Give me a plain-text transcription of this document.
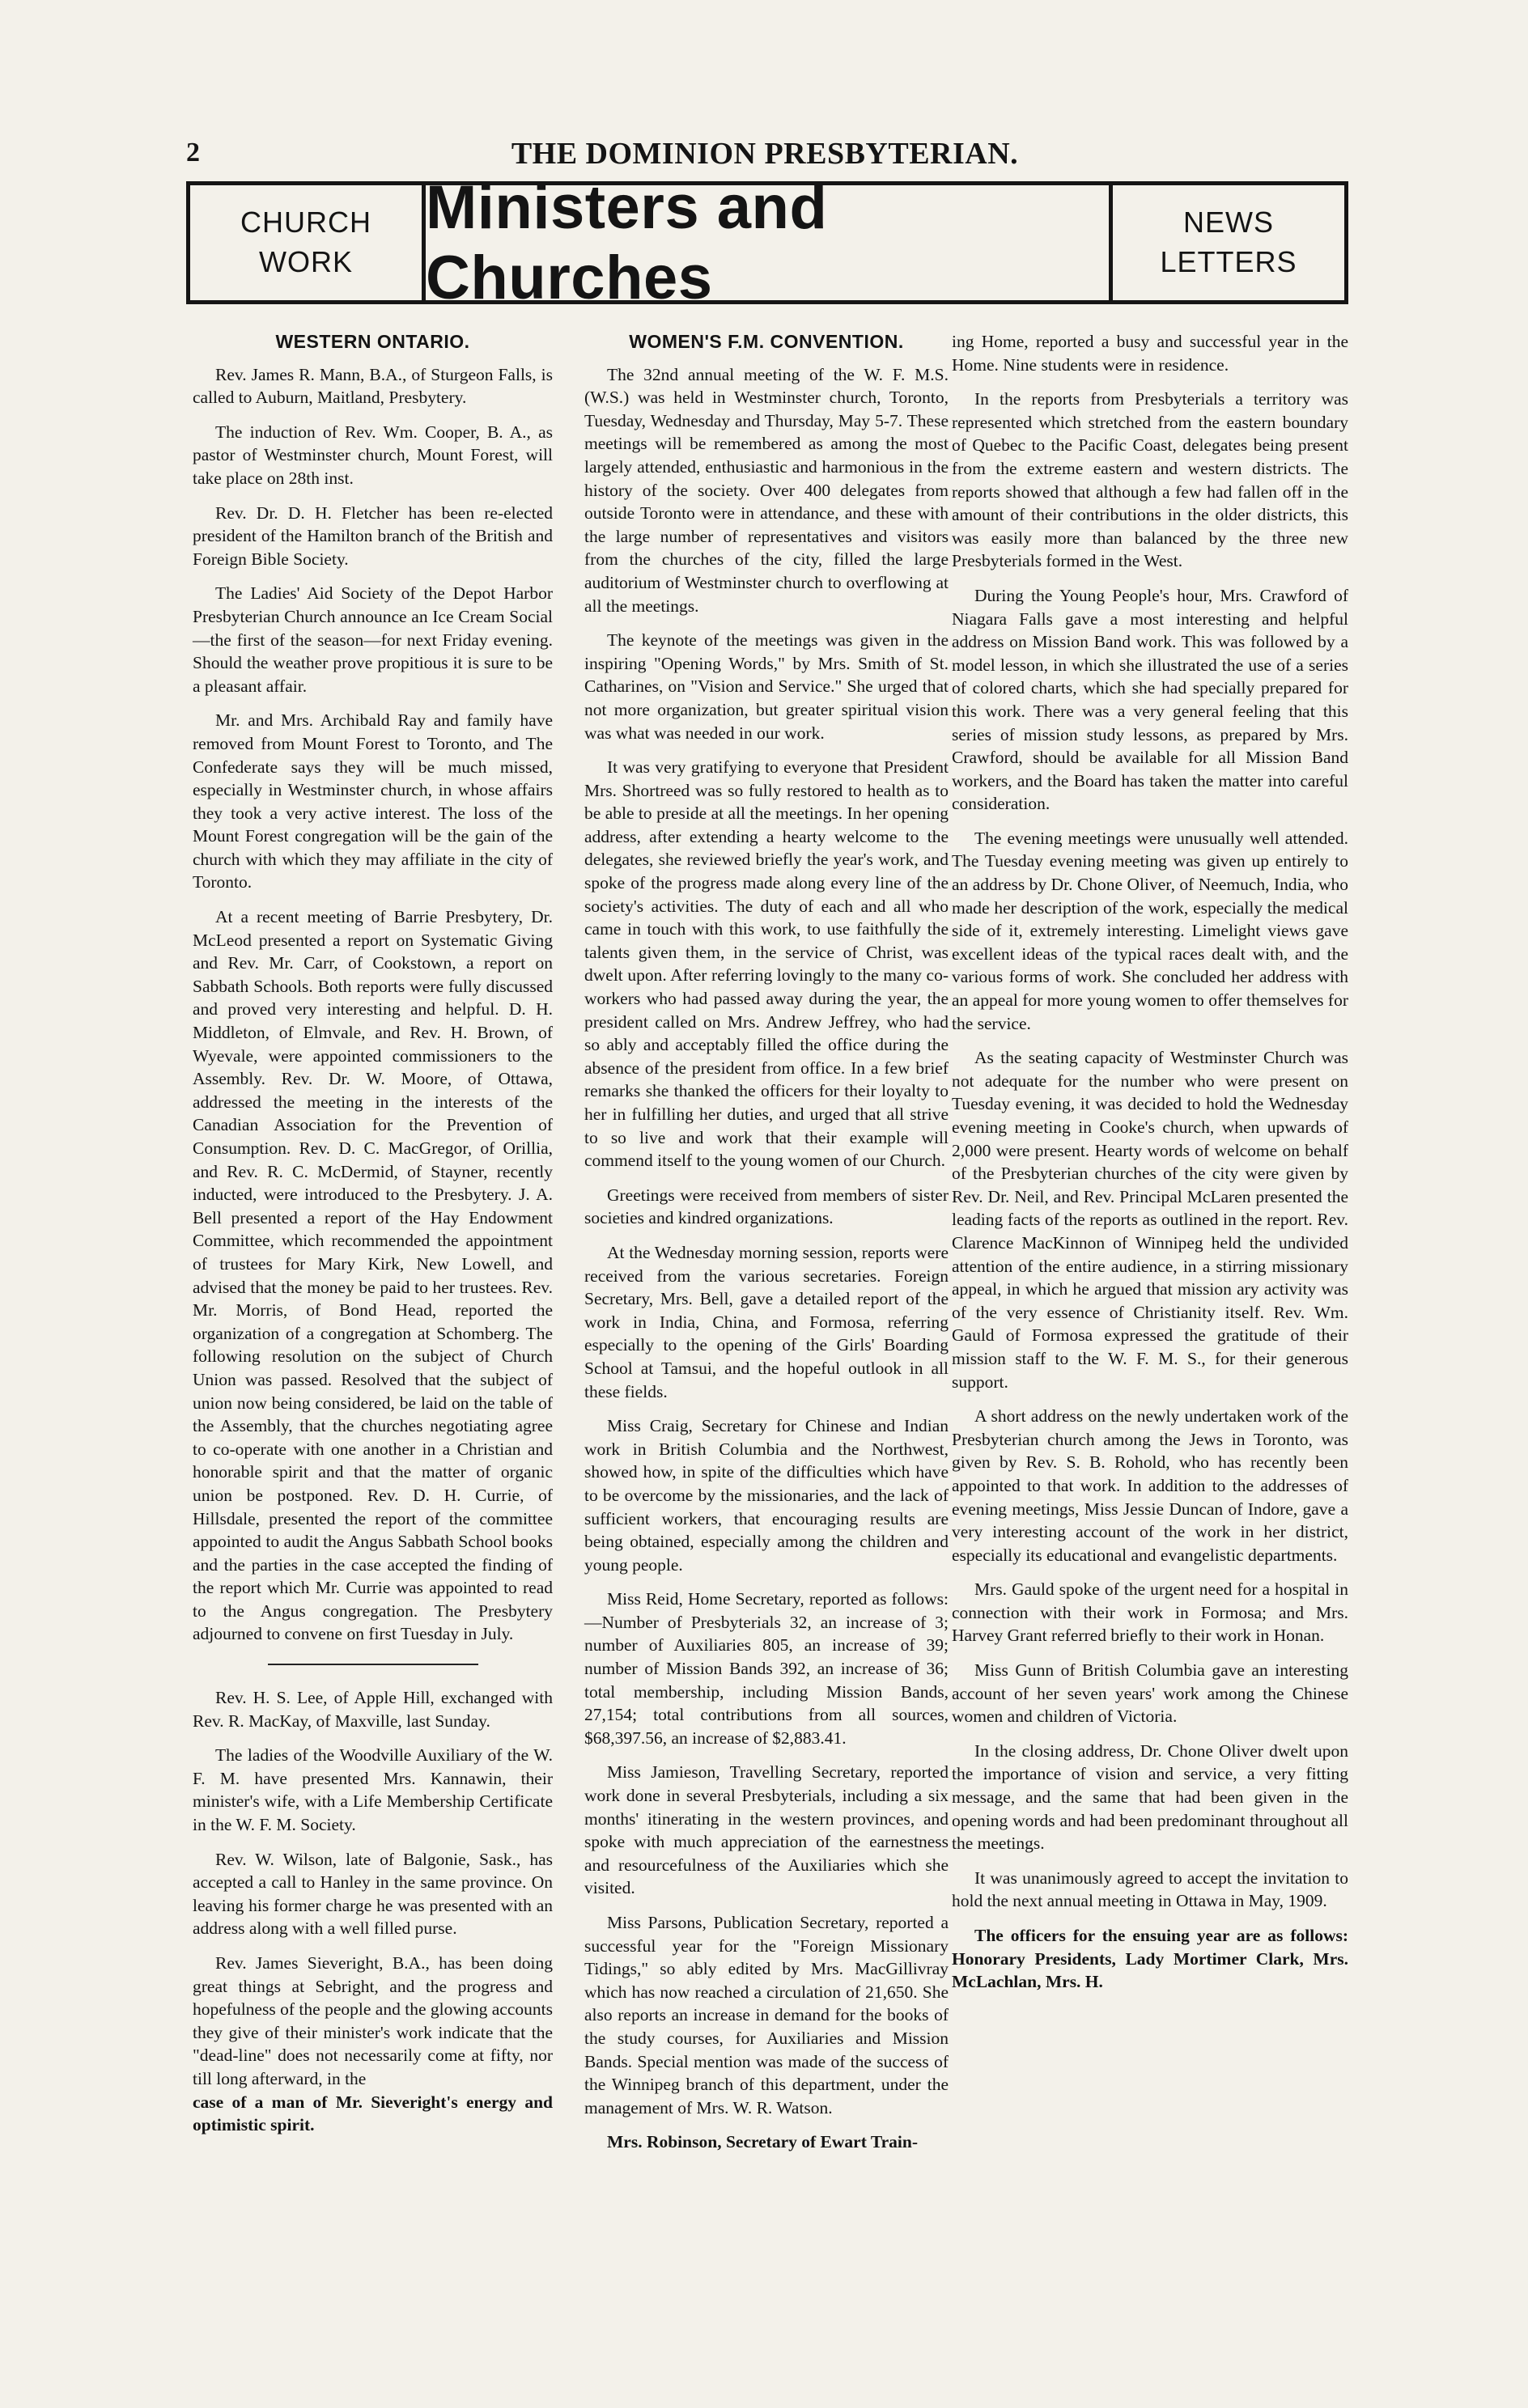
2	THE DOMINION PRESBYTERIAN.
CHURCH
WORK
Ministers and Churches
NEWS
LETTERS
WESTERN ONTARIO.

Rev. James R. Mann, B.A., of Sturgeon Falls, is called to Auburn, Maitland, Presbytery.

The induction of Rev. Wm. Cooper, B. A., as pastor of Westminster church, Mount Forest, will take place on 28th inst.

Rev. Dr. D. H. Fletcher has been re-elected president of the Hamilton branch of the British and Foreign Bible Society.

The Ladies' Aid Society of the Depot Harbor Presbyterian Church announce an Ice Cream Social—the first of the season—for next Friday evening. Should the weather prove propitious it is sure to be a pleasant affair.

Mr. and Mrs. Archibald Ray and family have removed from Mount Forest to Toronto, and The Confederate says they will be much missed, especially in Westminster church, in whose affairs they took a very active interest. The loss of the Mount Forest congregation will be the gain of the church with which they may affiliate in the city of Toronto.

At a recent meeting of Barrie Presbytery, Dr. McLeod presented a report on Systematic Giving and Rev. Mr. Carr, of Cookstown, a report on Sabbath Schools. Both reports were fully discussed and proved very interesting and helpful. D. H. Middleton, of Elmvale, and Rev. H. Brown, of Wyevale, were appointed commissioners to the Assembly. Rev. Dr. W. Moore, of Ottawa, addressed the meeting in the interests of the Canadian Association for the Prevention of Consumption. Rev. D. C. MacGregor, of Orillia, and Rev. R. C. McDermid, of Stayner, recently inducted, were introduced to the Presbytery. J. A. Bell presented a report of the Hay Endowment Committee, which recommended the appointment of trustees for Mary Kirk, New Lowell, and advised that the money be paid to her trustees. Rev. Mr. Morris, of Bond Head, reported the organization of a congregation at Schomberg. The following resolution on the subject of Church Union was passed. Resolved that the subject of union now being considered, be laid on the table of the Assembly, that the churches negotiating agree to co-operate with one another in a Christian and honorable spirit and that the matter of organic union be postponed. Rev. D. H. Currie, of Hillsdale, presented the report of the committee appointed to audit the Angus Sabbath School books and the parties in the case accepted the finding of the report which Mr. Currie was appointed to read to the Angus congregation. The Presbytery adjourned to convene on first Tuesday in July.

Rev. H. S. Lee, of Apple Hill, exchanged with Rev. R. MacKay, of Maxville, last Sunday.

The ladies of the Woodville Auxiliary of the W. F. M. have presented Mrs. Kannawin, their minister's wife, with a Life Membership Certificate in the W. F. M. Society.

Rev. W. Wilson, late of Balgonie, Sask., has accepted a call to Hanley in the same province. On leaving his former charge he was presented with an address along with a well filled purse.

Rev. James Sieveright, B.A., has been doing great things at Sebright, and the progress and hopefulness of the people and the glowing accounts they give of their minister's work indicate that the "dead-line" does not necessarily come at fifty, nor till long afterward, in the

case of a man of Mr. Sieveright's energy and optimistic spirit.

WOMEN'S F.M. CONVENTION.

The 32nd annual meeting of the W. F. M.S. (W.S.) was held in Westminster church, Toronto, Tuesday, Wednesday and Thursday, May 5-7. These meetings will be remembered as among the most largely attended, enthusiastic and harmonious in the history of the society. Over 400 delegates from outside Toronto were in attendance, and these with the large number of representatives and visitors from the churches of the city, filled the large auditorium of Westminster church to overflowing at all the meetings.

The keynote of the meetings was given in the inspiring "Opening Words," by Mrs. Smith of St. Catharines, on "Vision and Service." She urged that not more organization, but greater spiritual vision was what was needed in our work.

It was very gratifying to everyone that President Mrs. Shortreed was so fully restored to health as to be able to preside at all the meetings. In her opening address, after extending a hearty welcome to the delegates, she reviewed briefly the year's work, and spoke of the progress made along every line of the society's activities. The duty of each and all who came in touch with this work, to use faithfully the talents given them, in the service of Christ, was dwelt upon. After referring lovingly to the many co-workers who had passed away during the year, the president called on Mrs. Andrew Jeffrey, who had so ably and acceptably filled the office during the absence of the president from office. In a few brief remarks she thanked the officers for their loyalty to her in fulfilling her duties, and urged that all strive to so live and work that their example will commend itself to the young women of our Church.

Greetings were received from members of sister societies and kindred organizations.

At the Wednesday morning session, reports were received from the various secretaries. Foreign Secretary, Mrs. Bell, gave a detailed report of the work in India, China, and Formosa, referring especially to the opening of the Girls' Boarding School at Tamsui, and the hopeful outlook in all these fields.

Miss Craig, Secretary for Chinese and Indian work in British Columbia and the Northwest, showed how, in spite of the difficulties which have to be overcome by the missionaries, and the lack of sufficient workers, that encouraging results are being obtained, especially among the children and young people.

Miss Reid, Home Secretary, reported as follows:—Number of Presbyterials 32, an increase of 3; number of Auxiliaries 805, an increase of 39; number of Mission Bands 392, an increase of 36; total membership, including Mission Bands, 27,154; total contributions from all sources, $68,397.56, an increase of $2,883.41.

Miss Jamieson, Travelling Secretary, reported work done in several Presbyterials, including a six months' itinerating in the western provinces, and spoke with much appreciation of the earnestness and resourcefulness of the Auxiliaries which she visited.

Miss Parsons, Publication Secretary, reported a successful year for the "Foreign Missionary Tidings," so ably edited by Mrs. MacGillivray which has now reached a circulation of 21,650. She also reports an increase in demand for the books of the study courses, for Auxiliaries and Mission Bands. Special mention was made of the success of the Winnipeg branch of this department, under the management of Mrs. W. R. Watson.

Mrs. Robinson, Secretary of Ewart Train-

ing Home, reported a busy and successful year in the Home. Nine students were in residence.

In the reports from Presbyterials a territory was represented which stretched from the eastern boundary of Quebec to the Pacific Coast, delegates being present from the extreme eastern and western districts. The reports showed that although a few had fallen off in the amount of their contributions in the older districts, this was easily more than balanced by the three new Presbyterials formed in the West.

During the Young People's hour, Mrs. Crawford of Niagara Falls gave a most interesting and helpful address on Mission Band work. This was followed by a model lesson, in which she illustrated the use of a series of colored charts, which she had specially prepared for this work. There was a very general feeling that this series of mission study lessons, as prepared by Mrs. Crawford, should be available for all Mission Band workers, and the Board has taken the matter into careful consideration.

The evening meetings were unusually well attended. The Tuesday evening meeting was given up entirely to an address by Dr. Chone Oliver, of Neemuch, India, who made her description of the work, especially the medical side of it, extremely interesting. Limelight views gave excellent ideas of the typical races dealt with, and the various forms of work. She concluded her address with an appeal for more young women to offer themselves for the service.

As the seating capacity of Westminster Church was not adequate for the number who were present on Tuesday evening, it was decided to hold the Wednesday evening meeting in Cooke's church, when upwards of 2,000 were present. Hearty words of welcome on behalf of the Presbyterian churches of the city were given by Rev. Dr. Neil, and Rev. Principal McLaren presented the leading facts of the reports as outlined in the report. Rev. Clarence MacKinnon of Winnipeg held the undivided attention of the entire audience, in a stirring missionary appeal, in which he argued that mission ary activity was of the very essence of Christianity itself. Rev. Wm. Gauld of Formosa expressed the gratitude of their mission staff to the W. F. M. S., for their generous support.

A short address on the newly undertaken work of the Presbyterian church among the Jews in Toronto, was given by Rev. S. B. Rohold, who has recently been appointed to that work. In addition to the addresses of evening meetings, Miss Jessie Duncan of Indore, gave a very interesting account of the work in her district, especially its educational and evangelistic departments.

Mrs. Gauld spoke of the urgent need for a hospital in connection with their work in Formosa; and Mrs. Harvey Grant referred briefly to their work in Honan.

Miss Gunn of British Columbia gave an interesting account of her seven years' work among the Chinese women and children of Victoria.

In the closing address, Dr. Chone Oliver dwelt upon the importance of vision and service, a very fitting message, and the same that had been given in the opening words and had been predominant throughout all the meetings.

It was unanimously agreed to accept the invitation to hold the next annual meeting in Ottawa in May, 1909.

The officers for the ensuing year are as follows: Honorary Presidents, Lady Mortimer Clark, Mrs. McLachlan, Mrs. H.
